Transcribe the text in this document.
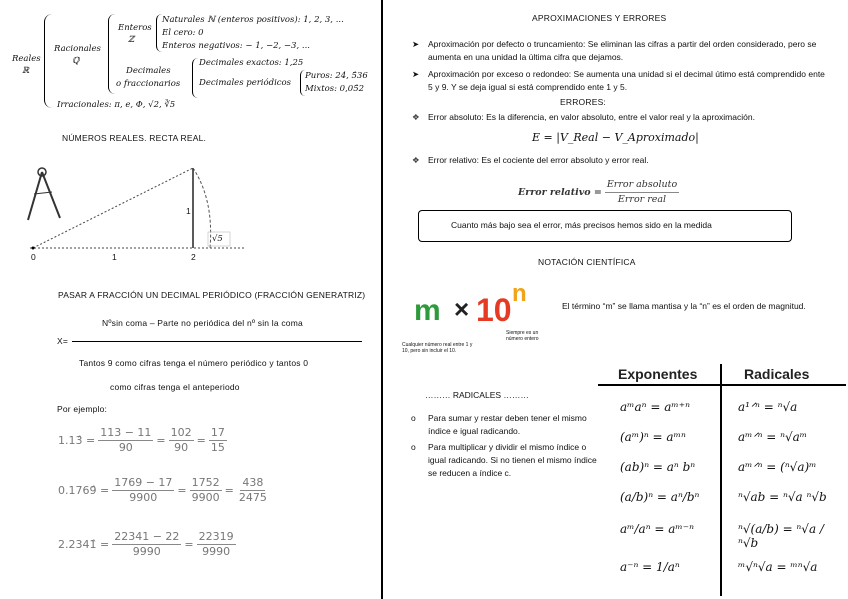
Reales
ℝ
Racionales
ℚ
Enteros
ℤ
Naturales ℕ (enteros positivos): 1, 2, 3, ...
El cero: 0
Enteros negativos: − 1, −2, −3, ...
Decimales
o fraccionarios
Decimales exactos: 1,25
Decimales periódicos
Puros: 24, 5̂36
Mixtos: 0,05̂2
Irracionales: π, e, Φ, √2, ∛5
NÚMEROS REALES. RECTA REAL.
0	1	2
1
√5
PASAR A FRACCIÓN UN DECIMAL PERIÓDICO (FRACCIÓN GENERATRIZ)
Nºsin coma – Parte no periódica del nº sin la coma
X=
Tantos 9 como cifras tenga el número periódico y tantos 0
como cifras tenga el anteperiodo
Por ejemplo:
1.13̂ = $\frac{113 - 11}{90} = \frac{102}{90} = \frac{17}{15}$
0.1769̂ = $\frac{1769 - 17}{9900} = \frac{1752}{9900} = \frac{438}{2475}$
2.2341̂ = $\frac{22341 - 22}{9990} = \frac{22319}{9990}$
APROXIMACIONES Y ERRORES
➤ Aproximación por defecto o truncamiento: Se eliminan las cifras a partir del orden considerado, pero se aumenta en una unidad la última cifra que dejamos.
➤ Aproximación por exceso o redondeo: Se aumenta una unidad si el decimal útimo está comprendido ente 5 y 9. Y se deja igual si está comprendido ente 1 y 5.
ERRORES:
❖ Error absoluto: Es la diferencia, en valor absoluto, entre el valor real y la aproximación.
E = |V_Real − V_Aproximado|
❖ Error relativo: Es el cociente del error absoluto y error real.
Error relativo = $\frac{\text{Error absoluto}}{\text{Error real}}$
Cuanto más bajo sea el error, más precisos hemos sido en la medida
NOTACIÓN CIENTÍFICA
m × 10 n
Cualquier número real entre 1 y 10, pero sin incluir el 10.
Siempre es un número entero
El término “m” se llama mantisa y la “n” es el orden de magnitud.
……… RADICALES ………
o Para sumar y restar deben tener el mismo índice e igual radicando.
o Para multiplicar y dividir el mismo índice o igual radicando. Si no tienen el mismo índice se reducen a índice c.
Exponentes	Radicales
aᵐaⁿ = aᵐ⁺ⁿ	a¹ᐟⁿ = ⁿ√a
(aᵐ)ⁿ = aᵐⁿ	aᵐᐟⁿ = ⁿ√aᵐ
(ab)ⁿ = aⁿ bⁿ	aᵐᐟⁿ = (ⁿ√a)ᵐ
(a/b)ⁿ = aⁿ/bⁿ	ⁿ√ab = ⁿ√a ⁿ√b
aᵐ/aⁿ = aᵐ⁻ⁿ	ⁿ√(a/b) = ⁿ√a / ⁿ√b
a⁻ⁿ = 1/aⁿ	ᵐ√ⁿ√a = ᵐⁿ√a
